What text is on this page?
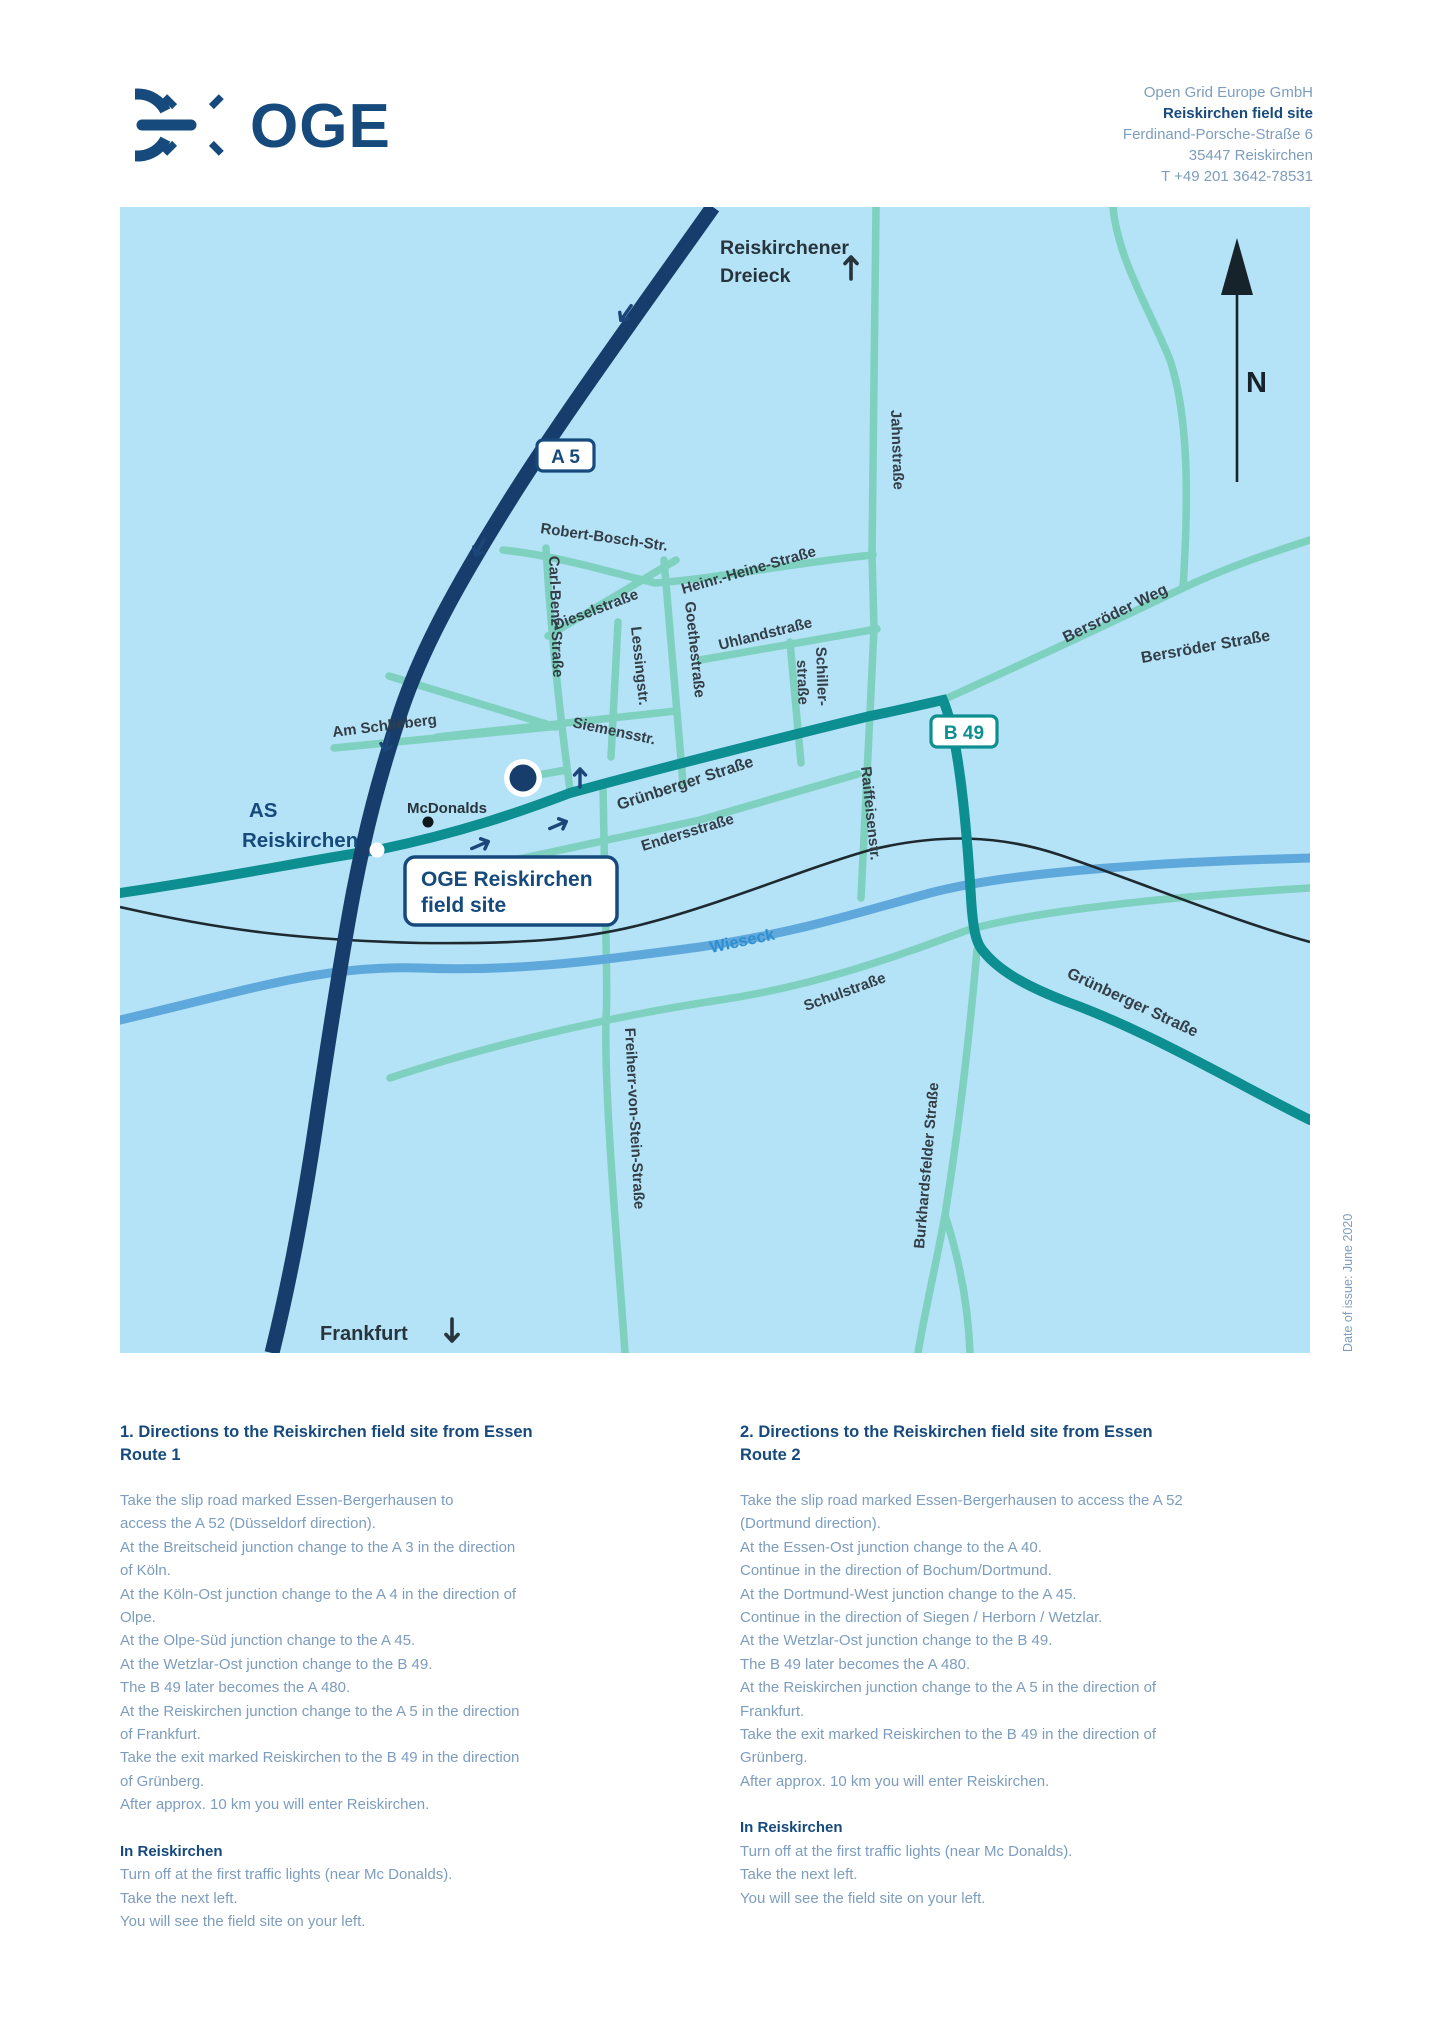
OGE	Open Grid Europe GmbH
Reiskirchen field site
Ferdinand-Porsche-Straße 6
35447 Reiskirchen
T +49 201 3642-78531
A 5
B 49
OGE Reiskirchen
field site
N
Robert-Bosch-Str.
Heinr.-Heine-Straße
Carl-Benz-Straße
Dieselstraße
Lessingstr. Goethestraße Uhlandstraße
Schiller-
straße
Jahnstraße
Siemensstr.
Am Schlieberg
Grünberger Straße
Endersstraße	Raiffeisenstr.
Bersröder Weg
Bersröder Straße
Schulstraße
Burkhardsfelder Straße
Freiherr-von-Stein-Straße
Grünberger Straße
Wieseck
McDonalds
Reiskirchener
Dreieck
Frankfurt
AS
Reiskirchen
1. Directions to the Reiskirchen field site from Essen
Route 1
Take the slip road marked Essen-Bergerhausen to
access the A 52 (Düsseldorf direction).
At the Breitscheid junction change to the A 3 in the direction
of Köln.
At the Köln-Ost junction change to the A 4 in the direction of
Olpe.
At the Olpe-Süd junction change to the A 45.
At the Wetzlar-Ost junction change to the B 49.
The B 49 later becomes the A 480.
At the Reiskirchen junction change to the A 5 in the direction
of Frankfurt.
Take the exit marked Reiskirchen to the B 49 in the direction
of Grünberg.
After approx. 10 km you will enter Reiskirchen.
In Reiskirchen
Turn off at the first traffic lights (near Mc Donalds).
Take the next left.
You will see the field site on your left.
2. Directions to the Reiskirchen field site from Essen
Route 2
Take the slip road marked Essen-Bergerhausen to access the A 52
(Dortmund direction).
At the Essen-Ost junction change to the A 40.
Continue in the direction of Bochum/Dortmund.
At the Dortmund-West junction change to the A 45.
Continue in the direction of Siegen / Herborn / Wetzlar.
At the Wetzlar-Ost junction change to the B 49.
The B 49 later becomes the A 480.
At the Reiskirchen junction change to the A 5 in the direction of
Frankfurt.
Take the exit marked Reiskirchen to the B 49 in the direction of
Grünberg.
After approx. 10 km you will enter Reiskirchen.
In Reiskirchen
Turn off at the first traffic lights (near Mc Donalds).
Take the next left.
You will see the field site on your left.
Date of issue: June 2020
